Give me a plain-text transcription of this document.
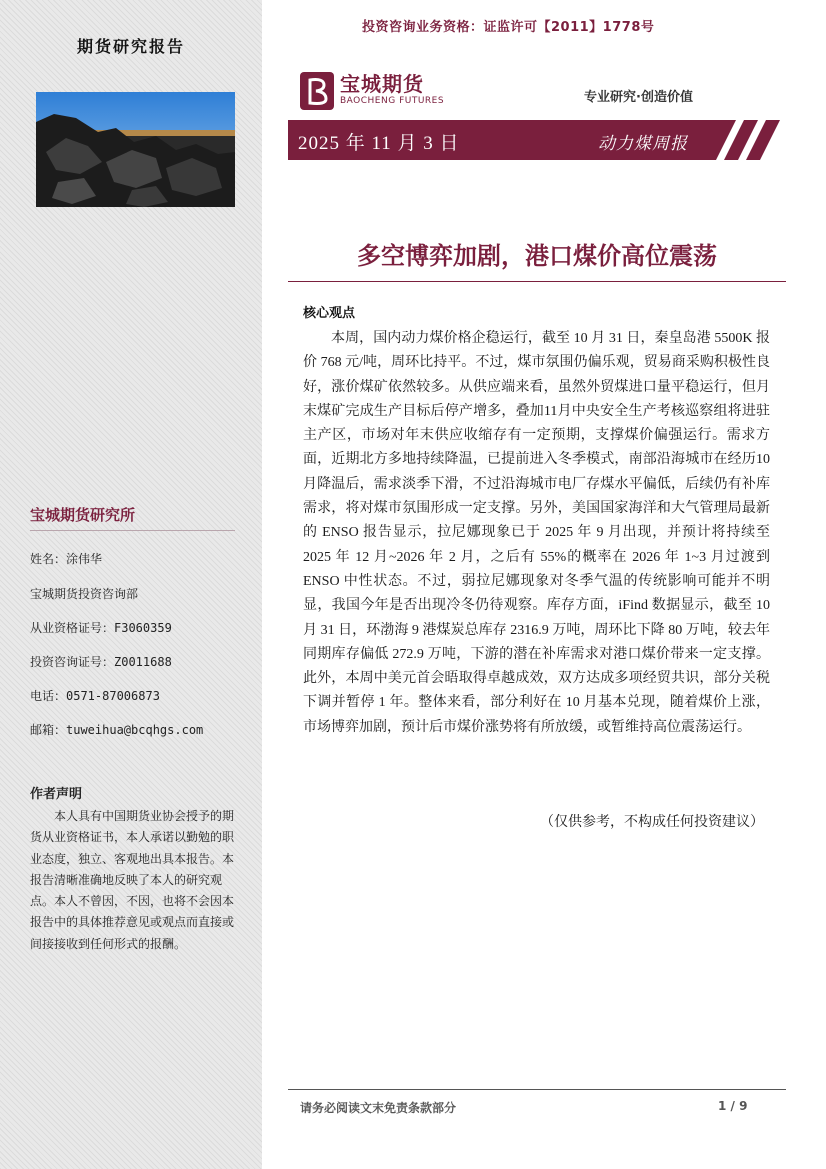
期货研究报告
宝城期货研究所
姓名：涂伟华
宝城期货投资咨询部
从业资格证号：F3060359
投资咨询证号：Z0011688
电话：0571-87006873
邮箱：tuweihua@bcqhgs.com
作者声明
本人具有中国期货业协会授予的期货从业资格证书，本人承诺以勤勉的职业态度，独立、客观地出具本报告。本报告清晰准确地反映了本人的研究观点。本人不曾因，不因，也将不会因本报告中的具体推荐意见或观点而直接或间接接收到任何形式的报酬。
投资咨询业务资格：证监许可【2011】1778号
宝城期货
BAOCHENG FUTURES	专业研究·创造价值
2025 年 11 月 3 日	动力煤周报
多空博弈加剧，港口煤价高位震荡
核心观点
本周，国内动力煤价格企稳运行，截至 10 月 31 日，秦皇岛港 5500K 报价 768 元/吨，周环比持平。不过，煤市氛围仍偏乐观，贸易商采购积极性良好，涨价煤矿依然较多。从供应端来看，虽然外贸煤进口量平稳运行，但月末煤矿完成生产目标后停产增多，叠加11月中央安全生产考核巡察组将进驻主产区，市场对年末供应收缩存有一定预期，支撑煤价偏强运行。需求方面，近期北方多地持续降温，已提前进入冬季模式，南部沿海城市在经历10月降温后，需求淡季下滑，不过沿海城市电厂存煤水平偏低，后续仍有补库需求，将对煤市氛围形成一定支撑。另外，美国国家海洋和大气管理局最新的 ENSO 报告显示，拉尼娜现象已于 2025 年 9 月出现，并预计将持续至 2025 年 12 月~2026 年 2 月，之后有 55%的概率在 2026 年 1~3 月过渡到 ENSO 中性状态。不过，弱拉尼娜现象对冬季气温的传统影响可能并不明显，我国今年是否出现冷冬仍待观察。库存方面，iFind 数据显示，截至 10 月 31 日，环渤海 9 港煤炭总库存 2316.9 万吨，周环比下降 80 万吨，较去年同期库存偏低 272.9 万吨，下游的潜在补库需求对港口煤价带来一定支撑。此外，本周中美元首会晤取得卓越成效，双方达成多项经贸共识，部分关税下调并暂停 1 年。整体来看，部分利好在 10 月基本兑现，随着煤价上涨，市场博弈加剧，预计后市煤价涨势将有所放缓，或暂维持高位震荡运行。
（仅供参考，不构成任何投资建议）
请务必阅读文末免责条款部分	1 / 9
